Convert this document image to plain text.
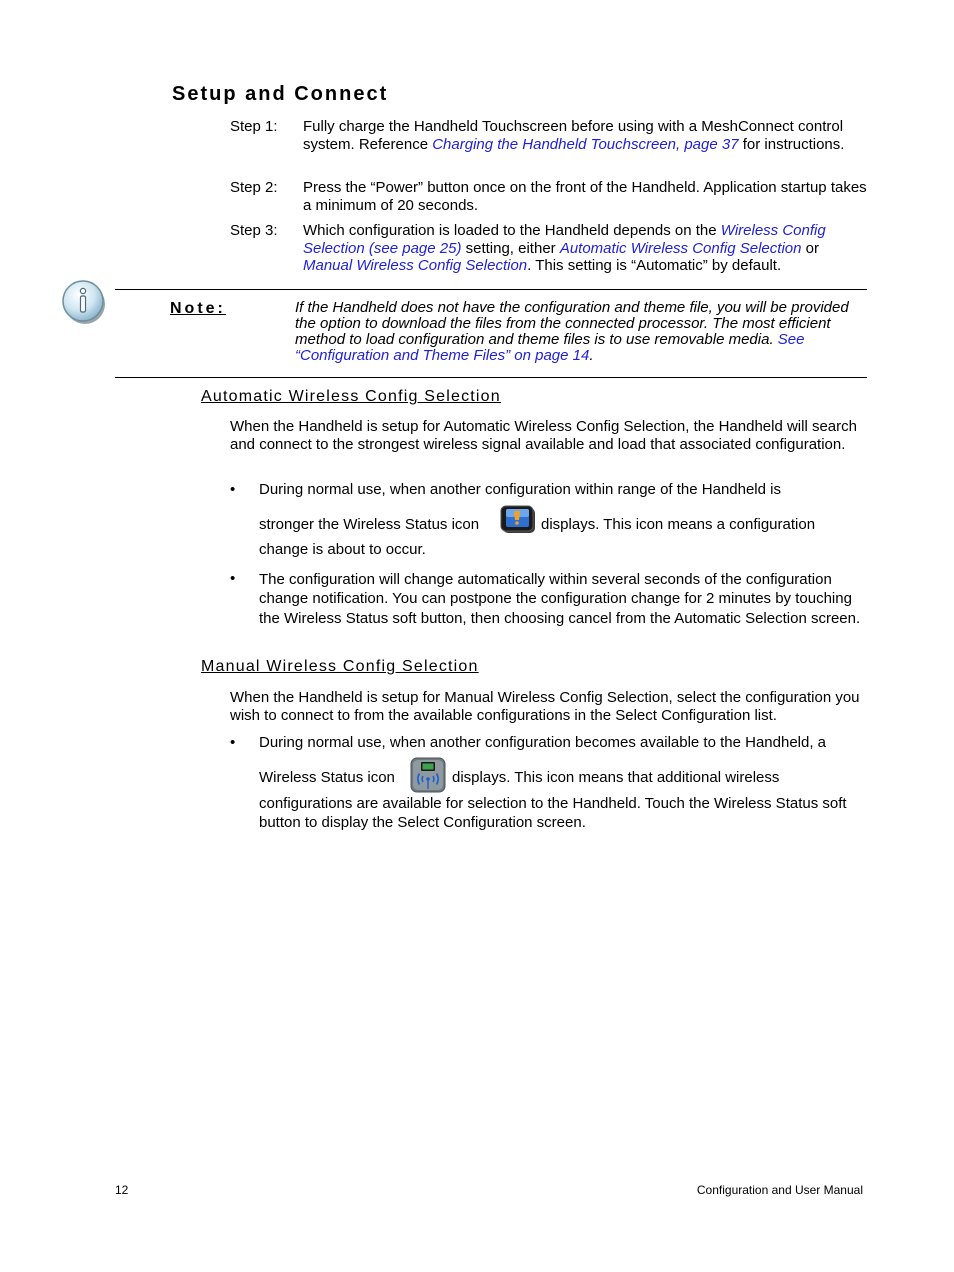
Setup and Connect
Step 1: Fully charge the Handheld Touchscreen before using with a MeshConnect control system. Reference Charging the Handheld Touchscreen, page 37 for instructions.
Step 2: Press the “Power” button once on the front of the Handheld. Application startup takes a minimum of 20 seconds.
Step 3: Which configuration is loaded to the Handheld depends on the Wireless Config Selection (see page 25) setting, either Automatic Wireless Config Selection or Manual Wireless Config Selection. This setting is “Automatic” by default.
Note:	If the Handheld does not have the configuration and theme file, you will be provided the option to download the files from the connected processor. The most efficient method to load configuration and theme files is to use removable media. See “Configuration and Theme Files” on page 14.
Automatic Wireless Config Selection
When the Handheld is setup for Automatic Wireless Config Selection, the Handheld will search and connect to the strongest wireless signal available and load that associated configuration.
• During normal use, when another configuration within range of the Handheld is
stronger the Wireless Status icon	displays. This icon means a configuration
change is about to occur.
• The configuration will change automatically within several seconds of the configuration change notification. You can postpone the configuration change for 2 minutes by touching the Wireless Status soft button, then choosing cancel from the Automatic Selection screen.
Manual Wireless Config Selection
When the Handheld is setup for Manual Wireless Config Selection, select the configuration you wish to connect to from the available configurations in the Select Configuration list.
• During normal use, when another configuration becomes available to the Handheld, a
Wireless Status icon	displays. This icon means that additional wireless
configurations are available for selection to the Handheld. Touch the Wireless Status soft button to display the Select Configuration screen.
12	Configuration and User Manual
